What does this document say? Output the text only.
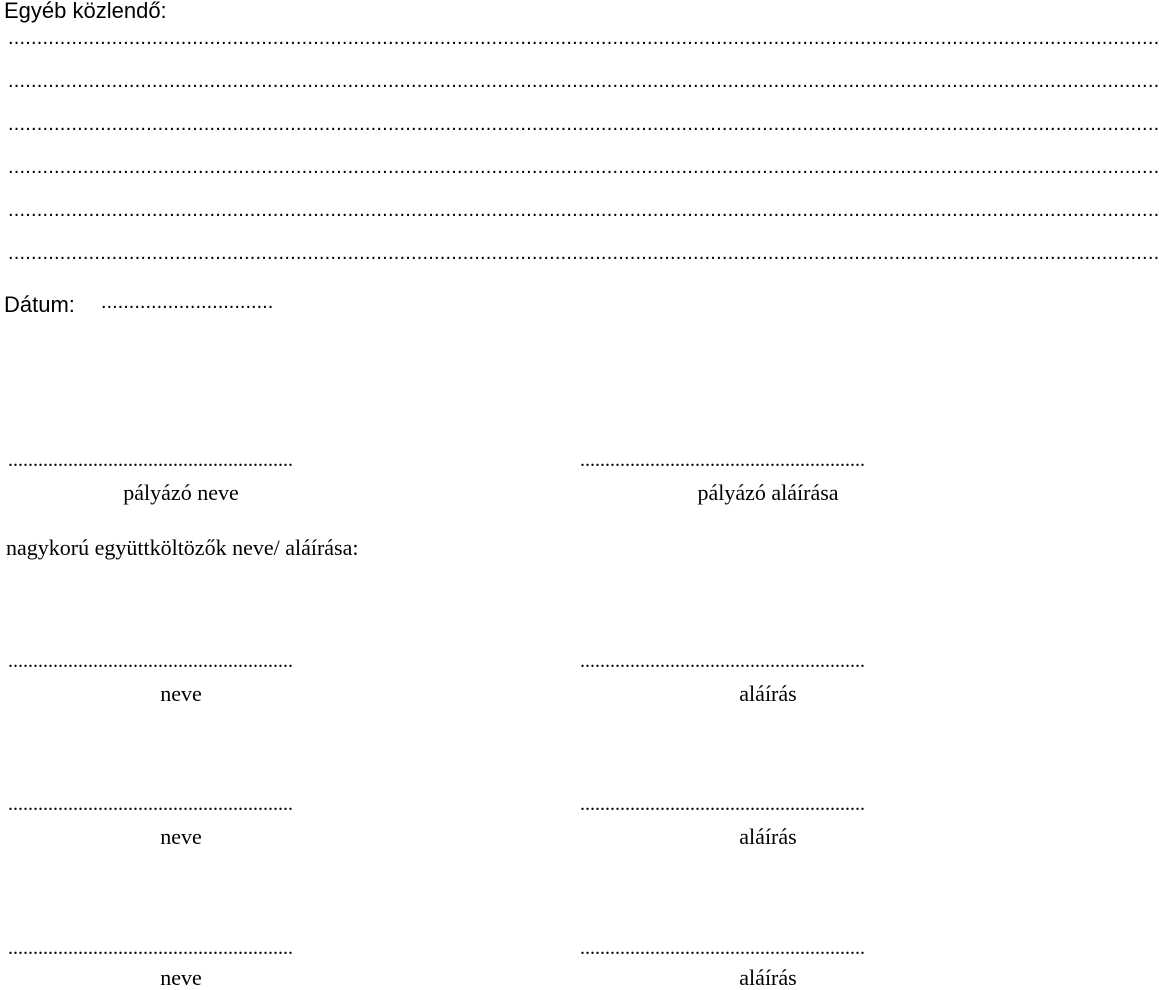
Egyéb közlendő:
........................................................................................................................................................................................................
........................................................................................................................................................................................................
........................................................................................................................................................................................................
........................................................................................................................................................................................................
........................................................................................................................................................................................................
........................................................................................................................................................................................................
Dátum: ...............................
.........................................................	.........................................................
pályázó neve	pályázó aláírása
nagykorú együttköltözők neve/ aláírása:
.........................................................	.........................................................
neve	aláírás
.........................................................	.........................................................
neve	aláírás
.........................................................	.........................................................
neve	aláírás
